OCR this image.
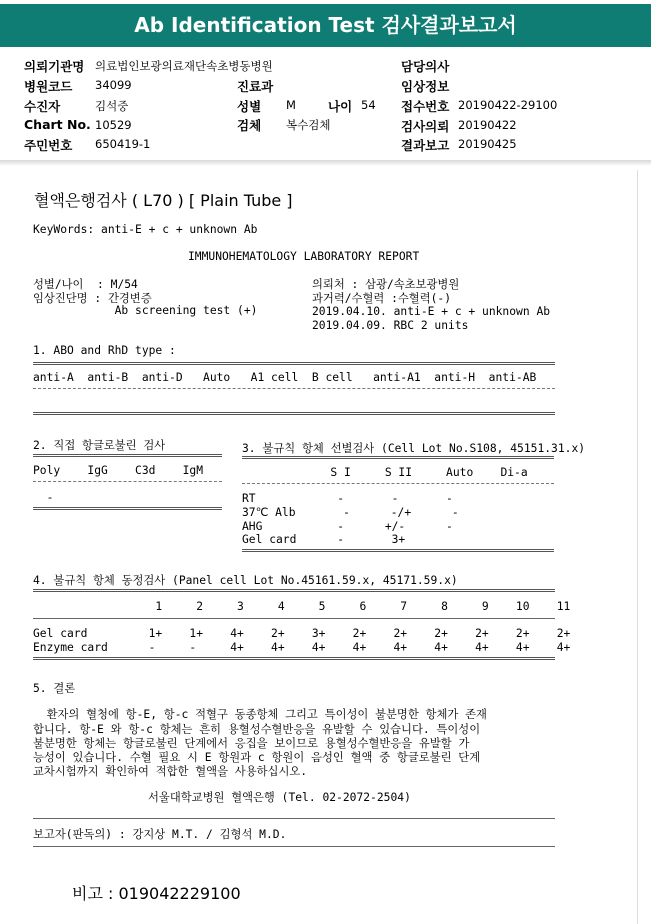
Ab Identification Test 검사결과보고서
의뢰기관명 의료법인보광의료재단속초병동병원	담당의사
병원코드 34099	진료과	임상정보
수진자	김석중	성별 M	나이 54 접수번호 20190422-29100
Chart No. 10529	검체 복수검체	검사의뢰 20190422
주민번호 650419-1	결과보고 20190425
혈액은행검사 ( L70 ) [ Plain Tube ]
KeyWords: anti-E + c + unknown Ab
IMMUNOHEMATOLOGY LABORATORY REPORT
성별/나이  : M/54
임상진단명 : 간경변증
Ab screening test (+)
의뢰처 : 삼광/속초보광병원
과거력/수혈력 :수혈력(-)
2019.04.10. anti-E + c + unknown Ab
2019.04.09. RBC 2 units
1. ABO and RhD type :
anti-A  anti-B  anti-D   Auto   A1 cell  B cell   anti-A1  anti-H  anti-AB
2. 직접 항글로불린 검사
Poly    IgG    C3d    IgM
-
3. 불규칙 항체 선별검사 (Cell Lot No.S108, 45151.31.x)
S I     S II     Auto    Di-a
RT            -       -       -
37℃ Alb       -      -/+      -
AHG           -      +/-      -
Gel card      -       3+
4. 불규칙 항체 동정검사 (Panel cell Lot No.45161.59.x, 45171.59.x)
1     2     3     4     5     6     7     8     9    10    11
Gel card         1+    1+    4+    2+    3+    2+    2+    2+    2+    2+    2+
Enzyme card      -     -     4+    4+    4+    4+    4+    4+    4+    4+    4+
5. 결론
환자의 혈청에 항-E, 항-c 적혈구 동종항체 그리고 특이성이 불분명한 항체가 존재
합니다. 항-E 와 항-c 항체는 흔히 용혈성수혈반응을 유발할 수 있습니다. 특이성이
불분명한 항체는 항글로불린 단계에서 응집을 보이므로 용혈성수혈반응을 유발할 가
능성이 있습니다. 수혈 필요 시 E 항원과 c 항원이 음성인 혈액 중 항글로불린 단계
교차시험까지 확인하여 적합한 혈액을 사용하십시오.
서울대학교병원 혈액은행 (Tel. 02-2072-2504)
보고자(판독의) : 강지상 M.T. / 김형석 M.D.
비고 : 019042229100
